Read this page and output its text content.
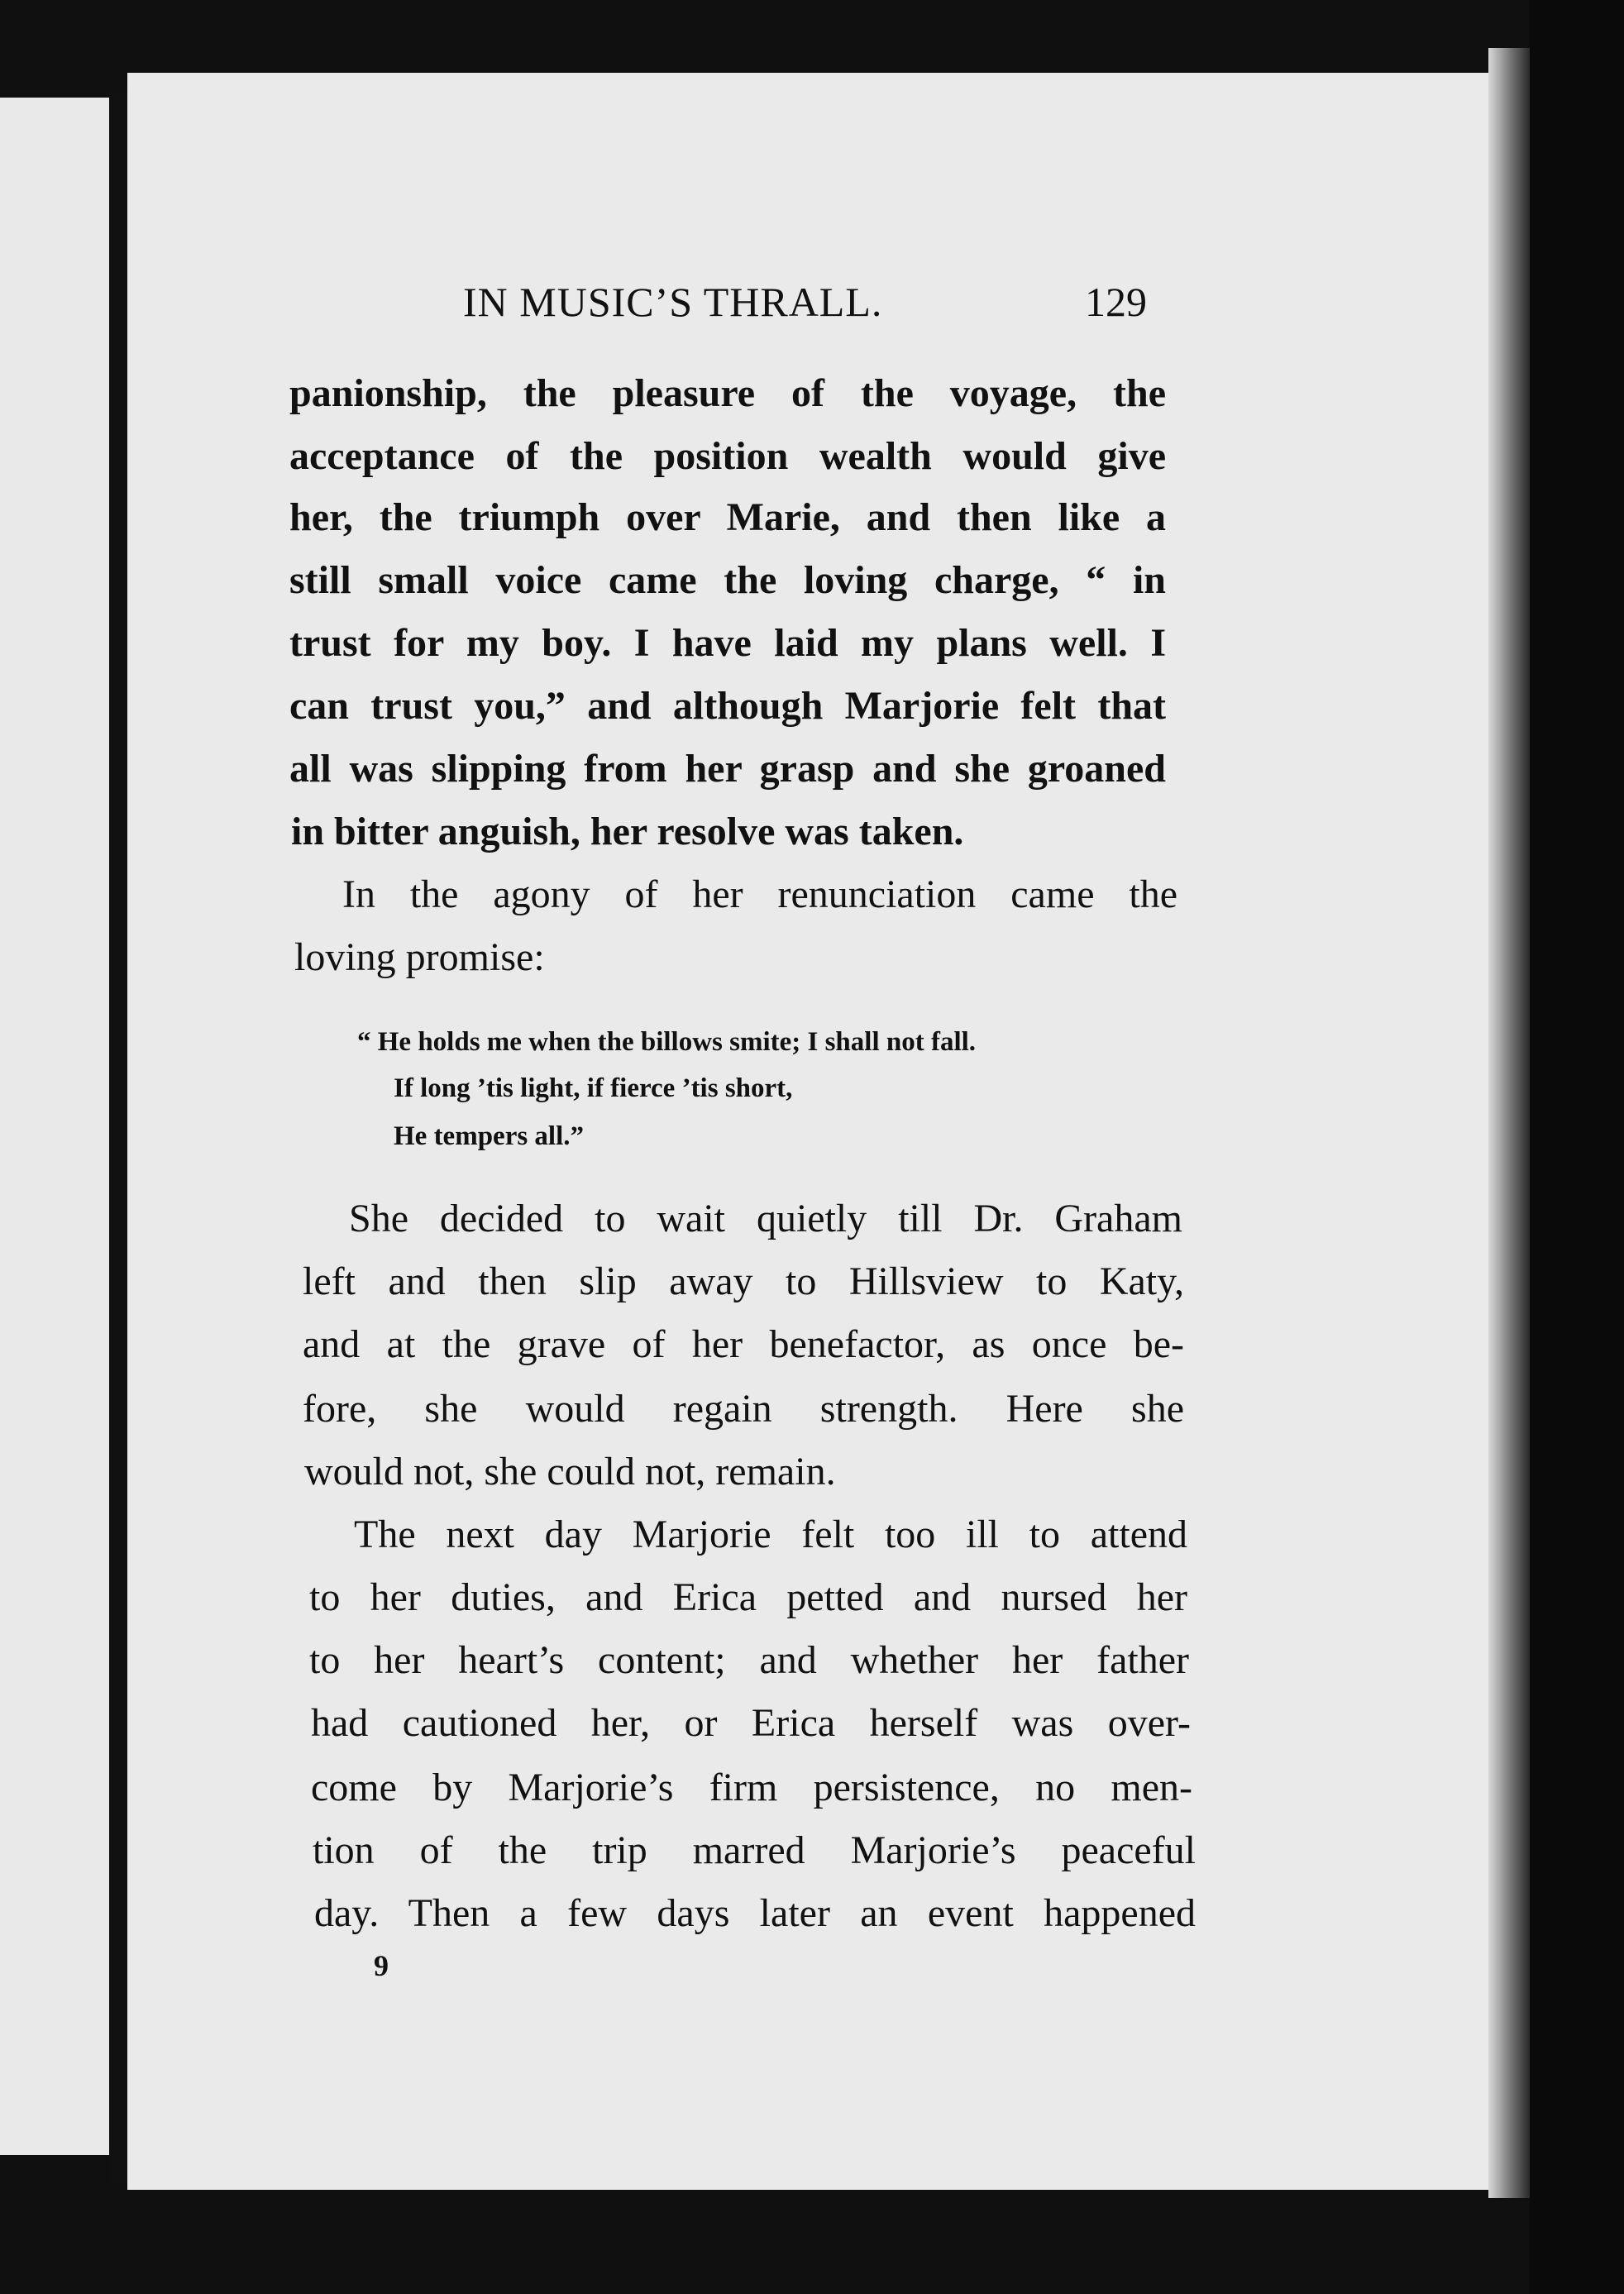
IN MUSIC’S THRALL.	129
panionship, the pleasure of the voyage, the
acceptance of the position wealth would give
her, the triumph over Marie, and then like a
still small voice came the loving charge, “ in
trust for my boy. I have laid my plans well. I
can trust you,” and although Marjorie felt that
all was slipping from her grasp and she groaned
in bitter anguish, her resolve was taken.
In the agony of her renunciation came the
loving promise:
“ He holds me when the billows smite; I shall not fall.
If long ’tis light, if fierce ’tis short,
He tempers all.”
She decided to wait quietly till Dr. Graham
left and then slip away to Hillsview to Katy,
and at the grave of her benefactor, as once be-
fore, she would regain strength. Here she
would not, she could not, remain.
The next day Marjorie felt too ill to attend
to her duties, and Erica petted and nursed her
to her heart’s content; and whether her father
had cautioned her, or Erica herself was over-
come by Marjorie’s firm persistence, no men-
tion of the trip marred Marjorie’s peaceful
day. Then a few days later an event happened
9
